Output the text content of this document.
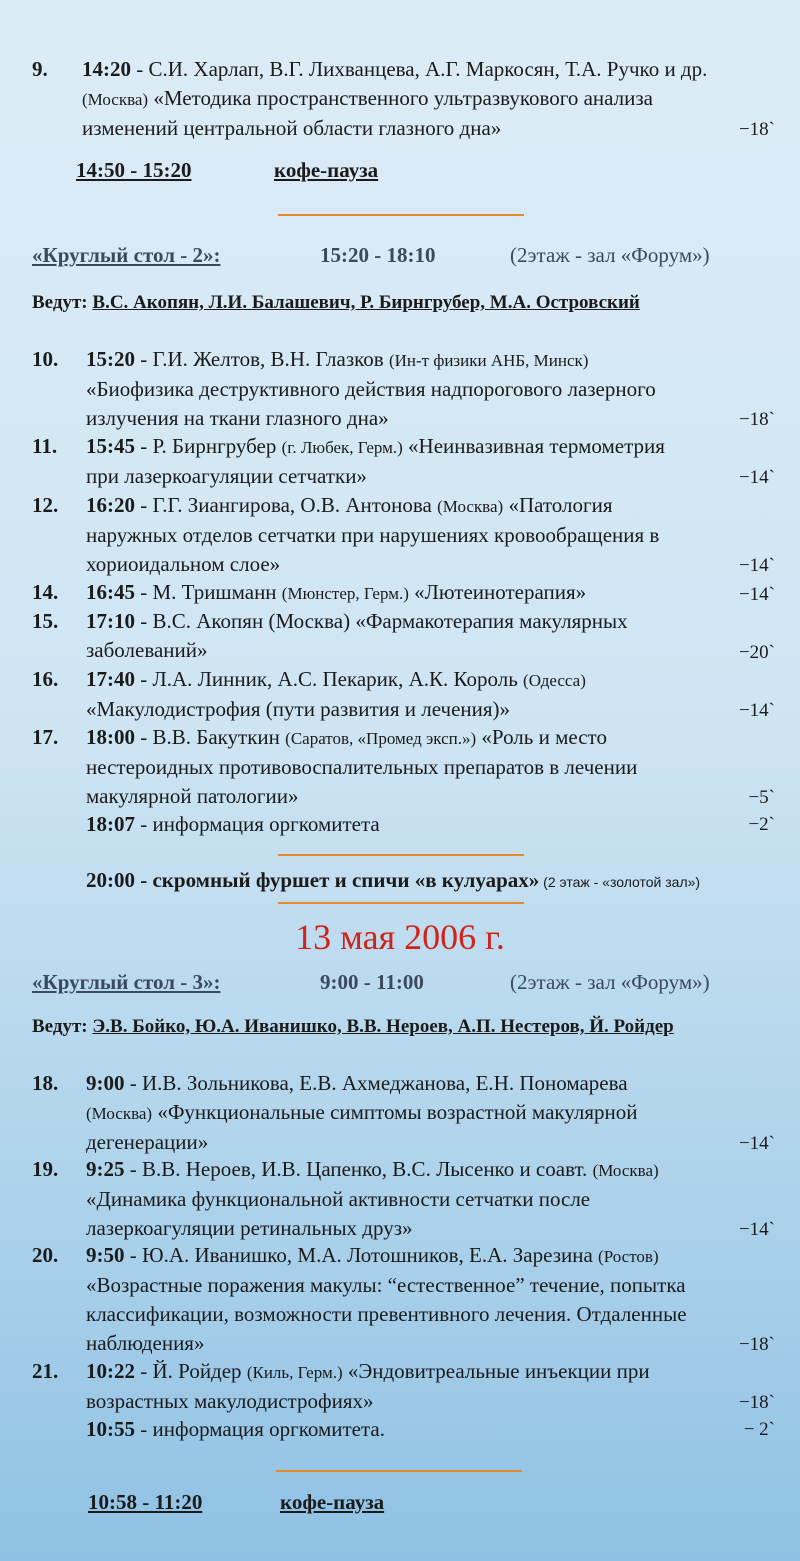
9. 14:20 - С.И. Харлап, В.Г. Лихванцева, А.Г. Маркосян, Т.А. Ручко и др.
(Москва) «Методика пространственного ультразвукового анализа
изменений центральной области глазного дна»	−18`
14:50 - 15:20	кофе-пауза
«Круглый стол - 2»:	15:20 - 18:10	(2этаж - зал «Форум»)
Ведут: В.С. Акопян, Л.И. Балашевич, Р. Бирнгрубер, М.А. Островский
10. 15:20 - Г.И. Желтов, В.Н. Глазков (Ин-т физики АНБ, Минск)
«Биофизика деструктивного действия надпорогового лазерного
излучения на ткани глазного дна»	−18`
11. 15:45 - Р. Бирнгрубер (г. Любек, Герм.) «Неинвазивная термометрия
при лазеркоагуляции сетчатки»	−14`
12. 16:20 - Г.Г. Зиангирова, О.В. Антонова (Москва) «Патология
наружных отделов сетчатки при нарушениях кровообращения в
хориоидальном слое»	−14`
14. 16:45 - М. Тришманн (Мюнстер, Герм.) «Лютеинотерапия»	−14`
15. 17:10 - В.С. Акопян (Москва) «Фармакотерапия макулярных
заболеваний»	−20`
16. 17:40 - Л.А. Линник, А.С. Пекарик, А.К. Король (Одесса)
«Макулодистрофия (пути развития и лечения)»	−14`
17. 18:00 - В.В. Бакуткин (Саратов, «Промед эксп.») «Роль и место
нестероидных противовоспалительных препаратов в лечении
макулярной патологии»	−5`
18:07 - информация оргкомитета	−2`
20:00 - скромный фуршет и спичи «в кулуарах» (2 этаж - «золотой зал»)
13 мая 2006 г.
«Круглый стол - 3»:	9:00 - 11:00	(2этаж - зал «Форум»)
Ведут: Э.В. Бойко, Ю.А. Иванишко, В.В. Нероев, А.П. Нестеров, Й. Ройдер
18. 9:00 - И.В. Зольникова, Е.В. Ахмеджанова, Е.Н. Пономарева
(Москва) «Функциональные симптомы возрастной макулярной
дегенерации»	−14`
19. 9:25 - В.В. Нероев, И.В. Цапенко, В.С. Лысенко и соавт. (Москва)
«Динамика функциональной активности сетчатки после
лазеркоагуляции ретинальных друз»	−14`
20. 9:50 - Ю.А. Иванишко, М.А. Лотошников, Е.А. Зарезина (Ростов)
«Возрастные поражения макулы: “естественное” течение, попытка
классификации, возможности превентивного лечения. Отдаленные
наблюдения»	−18`
21. 10:22 - Й. Ройдер (Киль, Герм.) «Эндовитреальные инъекции при
возрастных макулодистрофиях»	−18`
10:55 - информация оргкомитета.	− 2`
10:58 - 11:20	кофе-пауза
